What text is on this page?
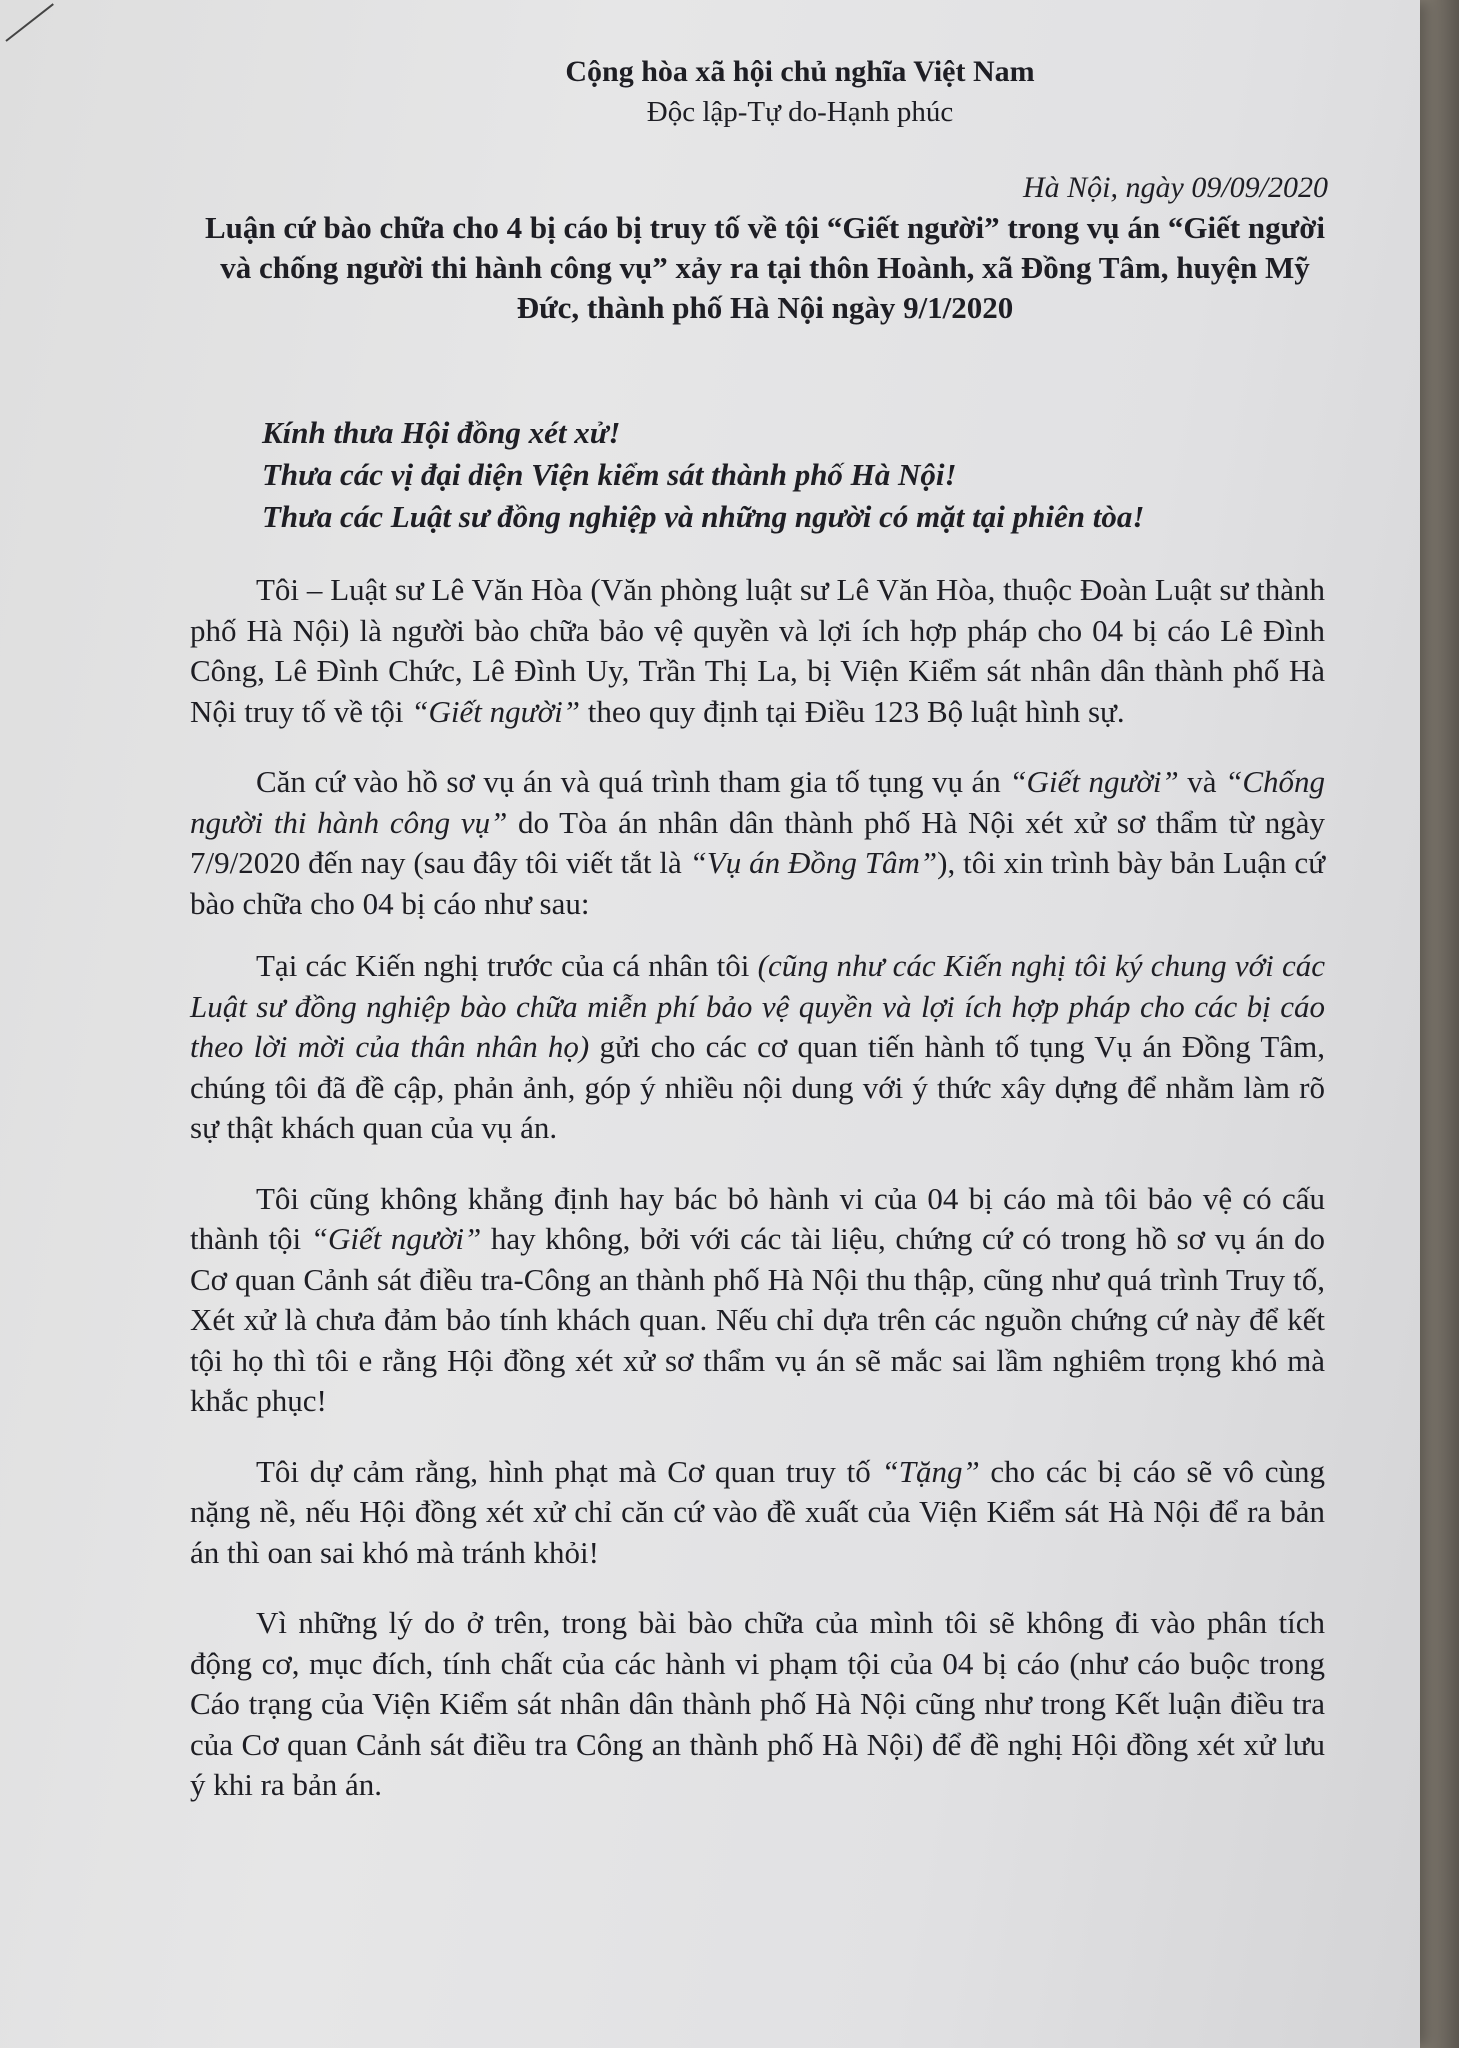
Cộng hòa xã hội chủ nghĩa Việt Nam

Độc lập-Tự do-Hạnh phúc

Hà Nội, ngày 09/09/2020

Luận cứ bào chữa cho 4 bị cáo bị truy tố về tội “Giết người” trong vụ án “Giết người và chống người thi hành công vụ” xảy ra tại thôn Hoành, xã Đồng Tâm, huyện Mỹ Đức, thành phố Hà Nội ngày 9/1/2020

Kính thưa Hội đồng xét xử!

Thưa các vị đại diện Viện kiểm sát thành phố Hà Nội!

Thưa các Luật sư đồng nghiệp và những người có mặt tại phiên tòa!

Tôi – Luật sư Lê Văn Hòa (Văn phòng luật sư Lê Văn Hòa, thuộc Đoàn Luật sư thành phố Hà Nội) là người bào chữa bảo vệ quyền và lợi ích hợp pháp cho 04 bị cáo Lê Đình Công, Lê Đình Chức, Lê Đình Uy, Trần Thị La, bị Viện Kiểm sát nhân dân thành phố Hà Nội truy tố về tội “Giết người” theo quy định tại Điều 123 Bộ luật hình sự.

Căn cứ vào hồ sơ vụ án và quá trình tham gia tố tụng vụ án “Giết người” và “Chống người thi hành công vụ” do Tòa án nhân dân thành phố Hà Nội xét xử sơ thẩm từ ngày 7/9/2020 đến nay (sau đây tôi viết tắt là “Vụ án Đồng Tâm”), tôi xin trình bày bản Luận cứ bào chữa cho 04 bị cáo như sau:

Tại các Kiến nghị trước của cá nhân tôi (cũng như các Kiến nghị tôi ký chung với các Luật sư đồng nghiệp bào chữa miễn phí bảo vệ quyền và lợi ích hợp pháp cho các bị cáo theo lời mời của thân nhân họ) gửi cho các cơ quan tiến hành tố tụng Vụ án Đồng Tâm, chúng tôi đã đề cập, phản ảnh, góp ý nhiều nội dung với ý thức xây dựng để nhằm làm rõ sự thật khách quan của vụ án.

Tôi cũng không khẳng định hay bác bỏ hành vi của 04 bị cáo mà tôi bảo vệ có cấu thành tội “Giết người” hay không, bởi với các tài liệu, chứng cứ có trong hồ sơ vụ án do Cơ quan Cảnh sát điều tra-Công an thành phố Hà Nội thu thập, cũng như quá trình Truy tố, Xét xử là chưa đảm bảo tính khách quan. Nếu chỉ dựa trên các nguồn chứng cứ này để kết tội họ thì tôi e rằng Hội đồng xét xử sơ thẩm vụ án sẽ mắc sai lầm nghiêm trọng khó mà khắc phục!

Tôi dự cảm rằng, hình phạt mà Cơ quan truy tố “Tặng” cho các bị cáo sẽ vô cùng nặng nề, nếu Hội đồng xét xử chỉ căn cứ vào đề xuất của Viện Kiểm sát Hà Nội để ra bản án thì oan sai khó mà tránh khỏi!

Vì những lý do ở trên, trong bài bào chữa của mình tôi sẽ không đi vào phân tích động cơ, mục đích, tính chất của các hành vi phạm tội của 04 bị cáo (như cáo buộc trong Cáo trạng của Viện Kiểm sát nhân dân thành phố Hà Nội cũng như trong Kết luận điều tra của Cơ quan Cảnh sát điều tra Công an thành phố Hà Nội) để đề nghị Hội đồng xét xử lưu ý khi ra bản án.
